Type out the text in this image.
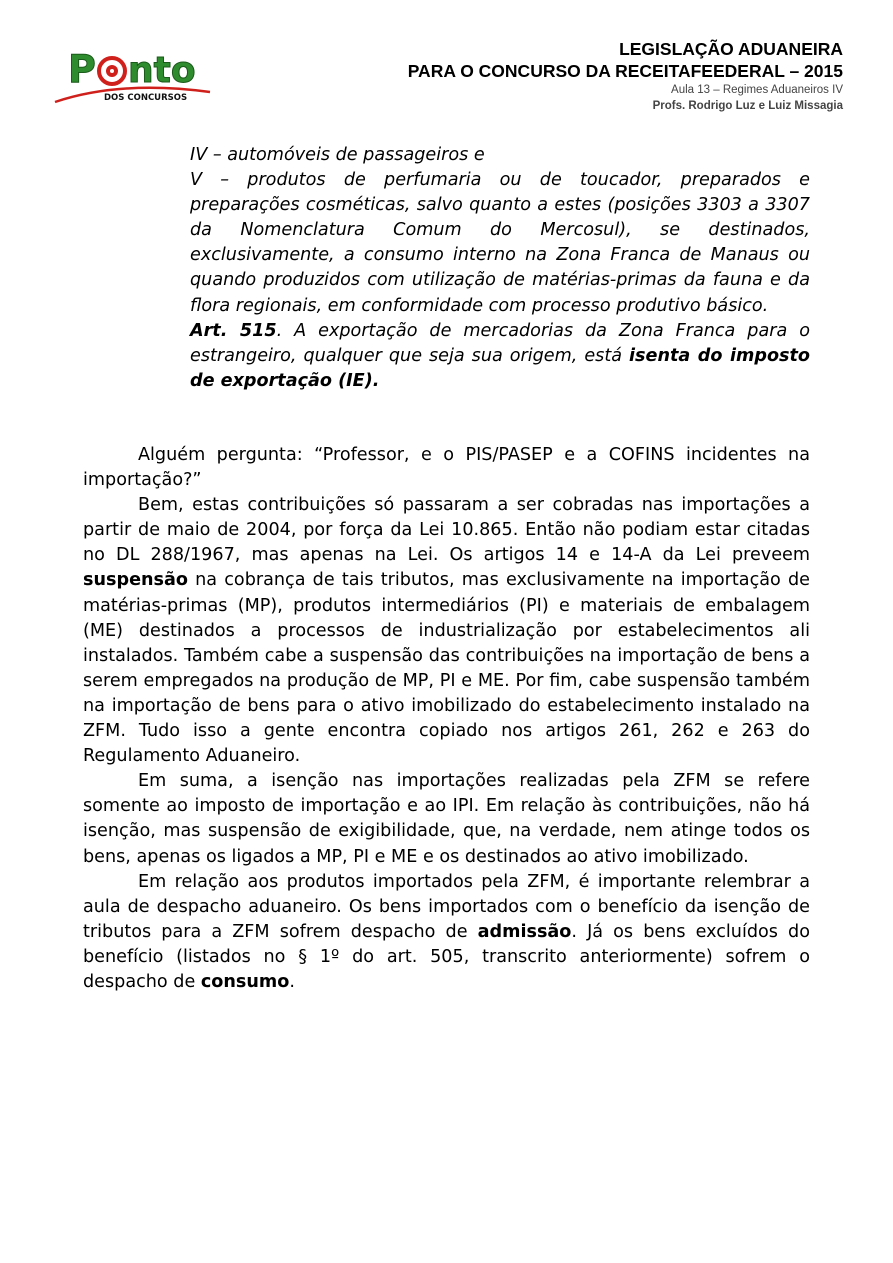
P nto
DOS CONCURSOS
LEGISLAÇÃO ADUANEIRA
PARA O CONCURSO DA RECEITAFEEDERAL – 2015
Aula 13 – Regimes Aduaneiros IV
Profs. Rodrigo Luz e Luiz Missagia

IV – automóveis de passageiros e

V – produtos de perfumaria ou de toucador, preparados e preparações cosméticas, salvo quanto a estes (posições 3303 a 3307 da Nomenclatura Comum do Mercosul), se destinados, exclusivamente, a consumo interno na Zona Franca de Manaus ou quando produzidos com utilização de matérias-primas da fauna e da flora regionais, em conformidade com processo produtivo básico.

Art. 515. A exportação de mercadorias da Zona Franca para o estrangeiro, qualquer que seja sua origem, está isenta do imposto de exportação (IE).

Alguém pergunta: “Professor, e o PIS/PASEP e a COFINS incidentes na importação?”

Bem, estas contribuições só passaram a ser cobradas nas importações a partir de maio de 2004, por força da Lei 10.865. Então não podiam estar citadas no DL 288/1967, mas apenas na Lei. Os artigos 14 e 14-A da Lei preveem suspensão na cobrança de tais tributos, mas exclusivamente na importação de matérias-primas (MP), produtos intermediários (PI) e materiais de embalagem (ME) destinados a processos de industrialização por estabelecimentos ali instalados. Também cabe a suspensão das contribuições na importação de bens a serem empregados na produção de MP, PI e ME. Por fim, cabe suspensão também na importação de bens para o ativo imobilizado do estabelecimento instalado na ZFM. Tudo isso a gente encontra copiado nos artigos 261, 262 e 263 do Regulamento Aduaneiro.

Em suma, a isenção nas importações realizadas pela ZFM se refere somente ao imposto de importação e ao IPI. Em relação às contribuições, não há isenção, mas suspensão de exigibilidade, que, na verdade, nem atinge todos os bens, apenas os ligados a MP, PI e ME e os destinados ao ativo imobilizado.

Em relação aos produtos importados pela ZFM, é importante relembrar a aula de despacho aduaneiro. Os bens importados com o benefício da isenção de tributos para a ZFM sofrem despacho de admissão. Já os bens excluídos do benefício (listados no § 1º do art. 505, transcrito anteriormente) sofrem o despacho de consumo.
